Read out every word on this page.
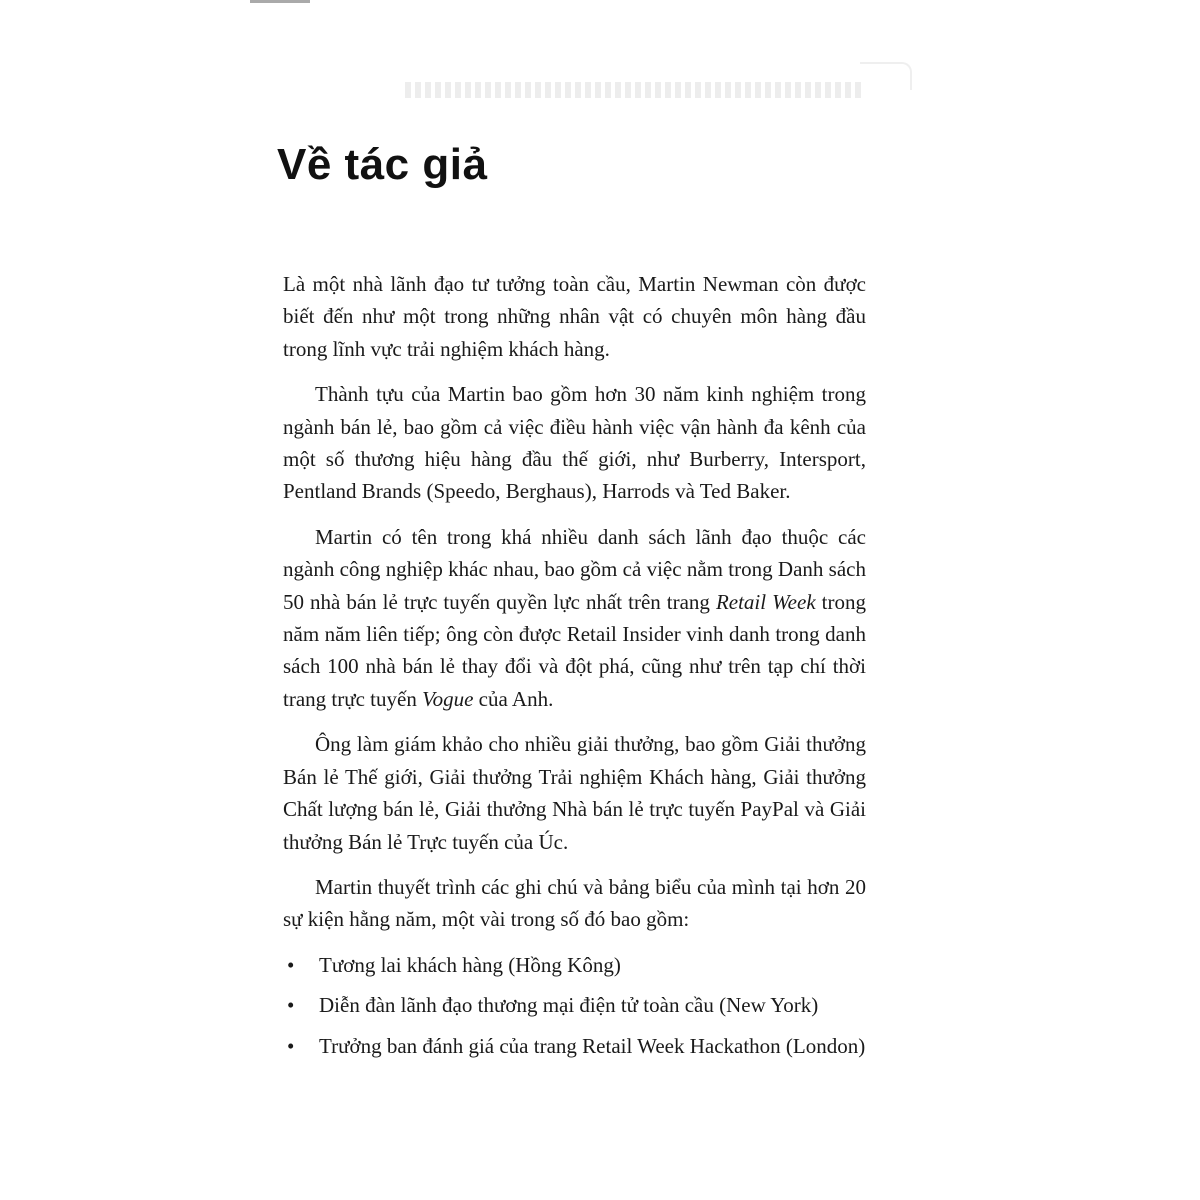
Về tác giả

Là một nhà lãnh đạo tư tưởng toàn cầu, Martin Newman còn được biết đến như một trong những nhân vật có chuyên môn hàng đầu trong lĩnh vực trải nghiệm khách hàng.

Thành tựu của Martin bao gồm hơn 30 năm kinh nghiệm trong ngành bán lẻ, bao gồm cả việc điều hành việc vận hành đa kênh của một số thương hiệu hàng đầu thế giới, như Burberry, Intersport, Pentland Brands (Speedo, Berghaus), Harrods và Ted Baker.

Martin có tên trong khá nhiều danh sách lãnh đạo thuộc các ngành công nghiệp khác nhau, bao gồm cả việc nằm trong Danh sách 50 nhà bán lẻ trực tuyến quyền lực nhất trên trang Retail Week trong năm năm liên tiếp; ông còn được Retail Insider vinh danh trong danh sách 100 nhà bán lẻ thay đổi và đột phá, cũng như trên tạp chí thời trang trực tuyến Vogue của Anh.

Ông làm giám khảo cho nhiều giải thưởng, bao gồm Giải thưởng Bán lẻ Thế giới, Giải thưởng Trải nghiệm Khách hàng, Giải thưởng Chất lượng bán lẻ, Giải thưởng Nhà bán lẻ trực tuyến PayPal và Giải thưởng Bán lẻ Trực tuyến của Úc.

Martin thuyết trình các ghi chú và bảng biểu của mình tại hơn 20 sự kiện hằng năm, một vài trong số đó bao gồm:

• Tương lai khách hàng (Hồng Kông)
• Diễn đàn lãnh đạo thương mại điện tử toàn cầu (New York)
• Trưởng ban đánh giá của trang Retail Week Hackathon (London)
